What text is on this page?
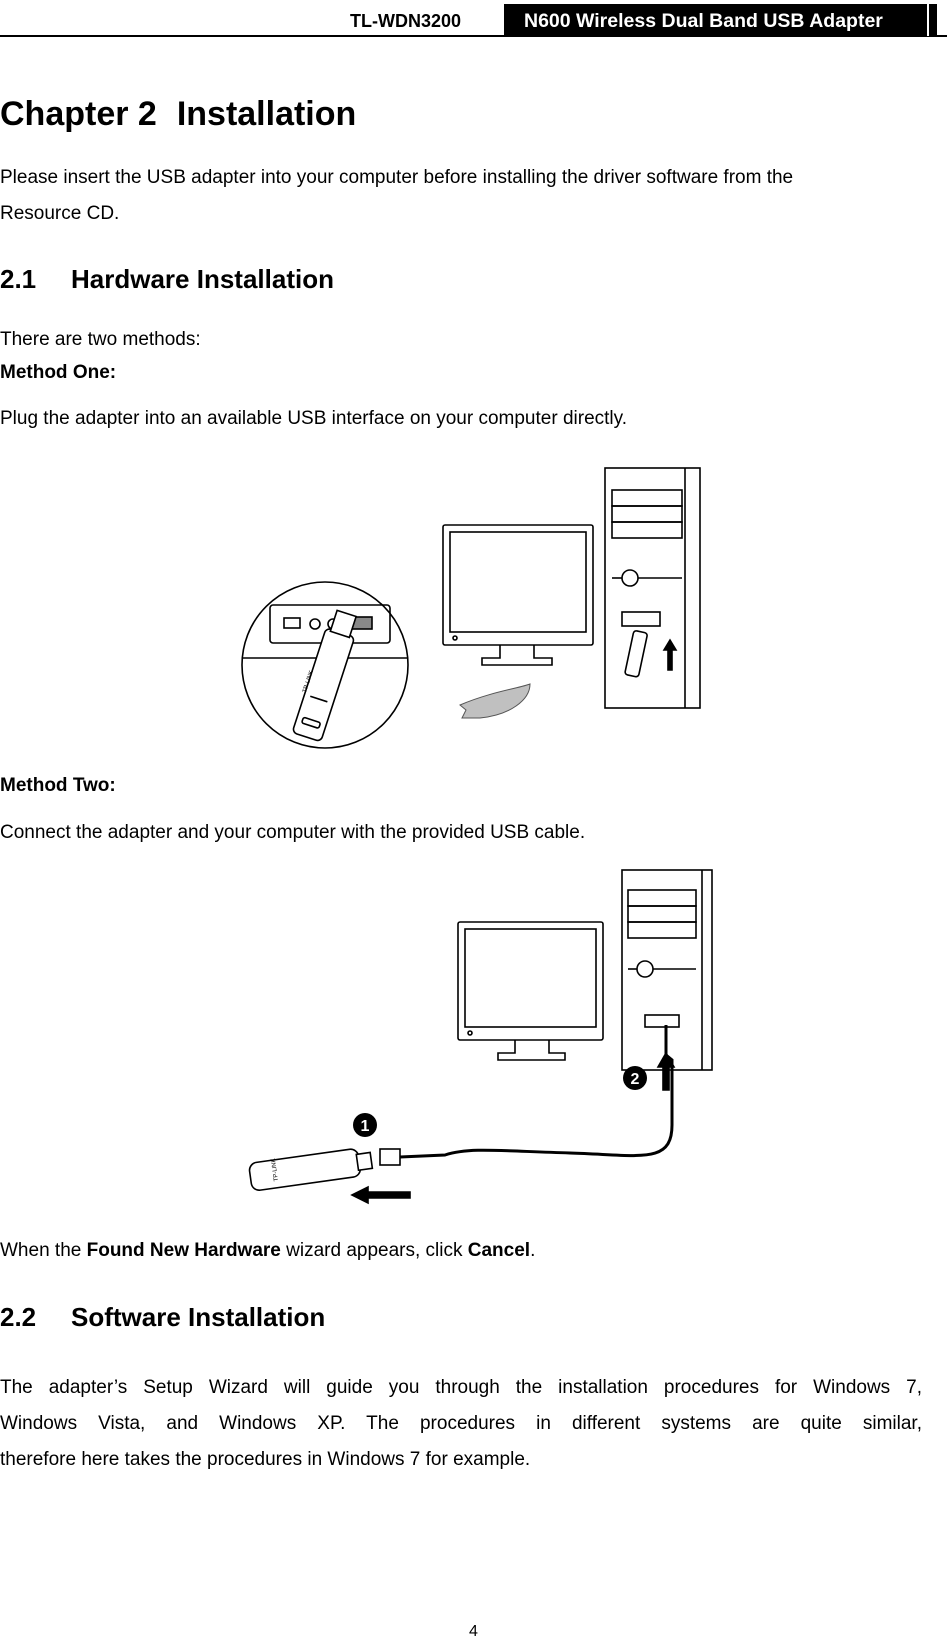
TL-WDN3200	N600 Wireless Dual Band USB Adapter
Chapter 2 Installation
Please insert the USB adapter into your computer before installing the driver software from the
Resource CD.
2.1 Hardware Installation
There are two methods:
Method One:
Plug the adapter into an available USB interface on your computer directly.
TP-LINK
Method Two:
Connect the adapter and your computer with the provided USB cable.
TP-LINK
1
2
When the Found New Hardware wizard appears, click Cancel.
2.2 Software Installation
The adapter’s Setup Wizard will guide you through the installation procedures for Windows 7,
Windows Vista, and Windows XP. The procedures in different systems are quite similar,
therefore here takes the procedures in Windows 7 for example.
4
